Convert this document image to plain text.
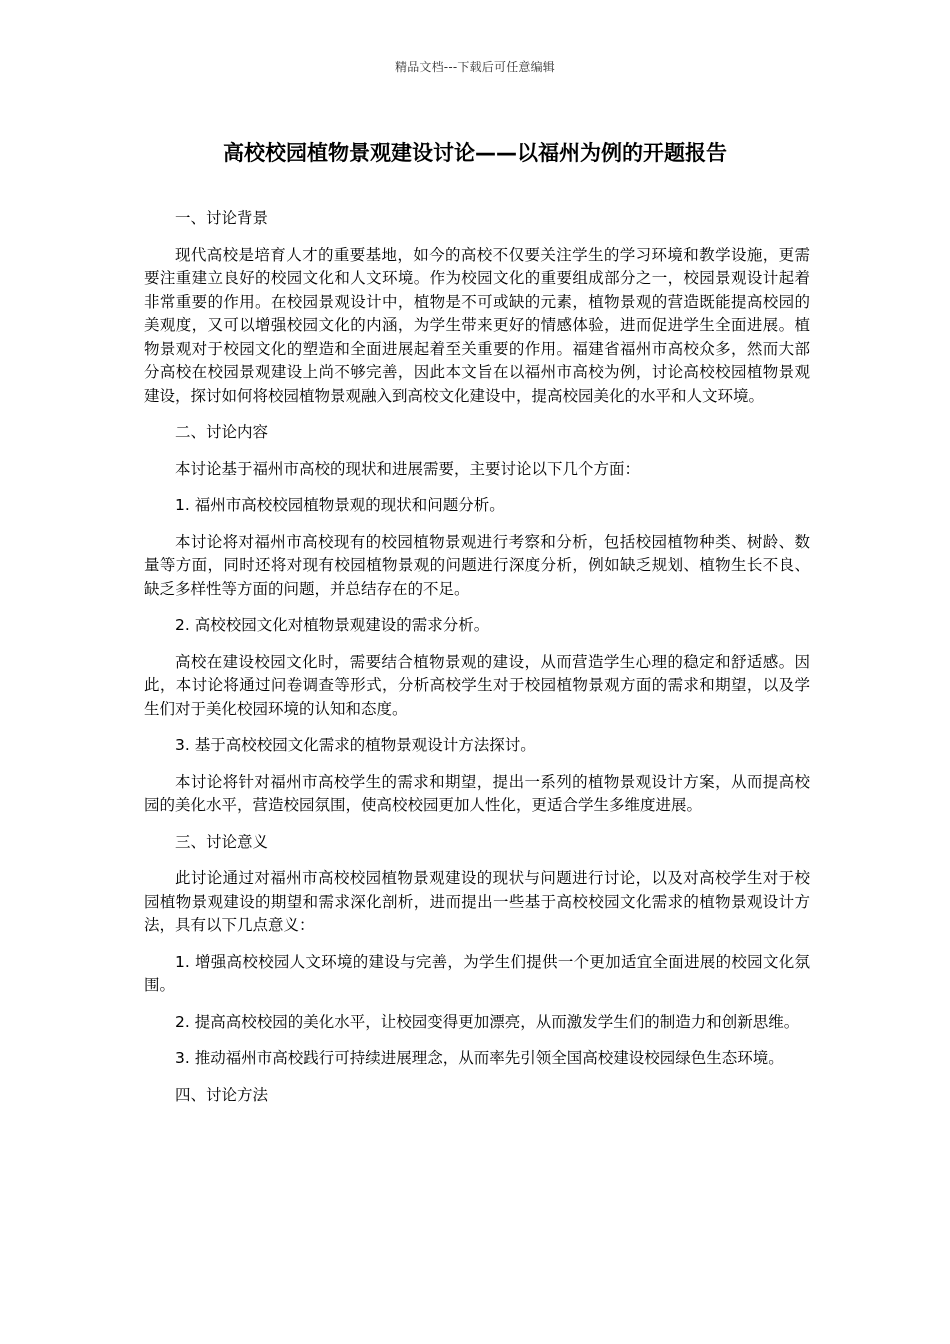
精品文档---下载后可任意编辑
高校校园植物景观建设讨论——以福州为例的开题报告

一、讨论背景

现代高校是培育人才的重要基地，如今的高校不仅要关注学生的学习环境和教学设施，更需要注重建立良好的校园文化和人文环境。作为校园文化的重要组成部分之一，校园景观设计起着非常重要的作用。在校园景观设计中，植物是不可或缺的元素，植物景观的营造既能提高校园的美观度，又可以增强校园文化的内涵，为学生带来更好的情感体验，进而促进学生全面进展。植物景观对于校园文化的塑造和全面进展起着至关重要的作用。福建省福州市高校众多，然而大部分高校在校园景观建设上尚不够完善，因此本文旨在以福州市高校为例，讨论高校校园植物景观建设，探讨如何将校园植物景观融入到高校文化建设中，提高校园美化的水平和人文环境。

二、讨论内容

本讨论基于福州市高校的现状和进展需要，主要讨论以下几个方面：

1. 福州市高校校园植物景观的现状和问题分析。

本讨论将对福州市高校现有的校园植物景观进行考察和分析，包括校园植物种类、树龄、数量等方面，同时还将对现有校园植物景观的问题进行深度分析，例如缺乏规划、植物生长不良、缺乏多样性等方面的问题，并总结存在的不足。

2. 高校校园文化对植物景观建设的需求分析。

高校在建设校园文化时，需要结合植物景观的建设，从而营造学生心理的稳定和舒适感。因此，本讨论将通过问卷调查等形式，分析高校学生对于校园植物景观方面的需求和期望，以及学生们对于美化校园环境的认知和态度。

3. 基于高校校园文化需求的植物景观设计方法探讨。

本讨论将针对福州市高校学生的需求和期望，提出一系列的植物景观设计方案，从而提高校园的美化水平，营造校园氛围，使高校校园更加人性化，更适合学生多维度进展。

三、讨论意义

此讨论通过对福州市高校校园植物景观建设的现状与问题进行讨论，以及对高校学生对于校园植物景观建设的期望和需求深化剖析，进而提出一些基于高校校园文化需求的植物景观设计方法，具有以下几点意义：

1. 增强高校校园人文环境的建设与完善，为学生们提供一个更加适宜全面进展的校园文化氛围。

2. 提高高校校园的美化水平，让校园变得更加漂亮，从而激发学生们的制造力和创新思维。

3. 推动福州市高校践行可持续进展理念，从而率先引领全国高校建设校园绿色生态环境。

四、讨论方法
